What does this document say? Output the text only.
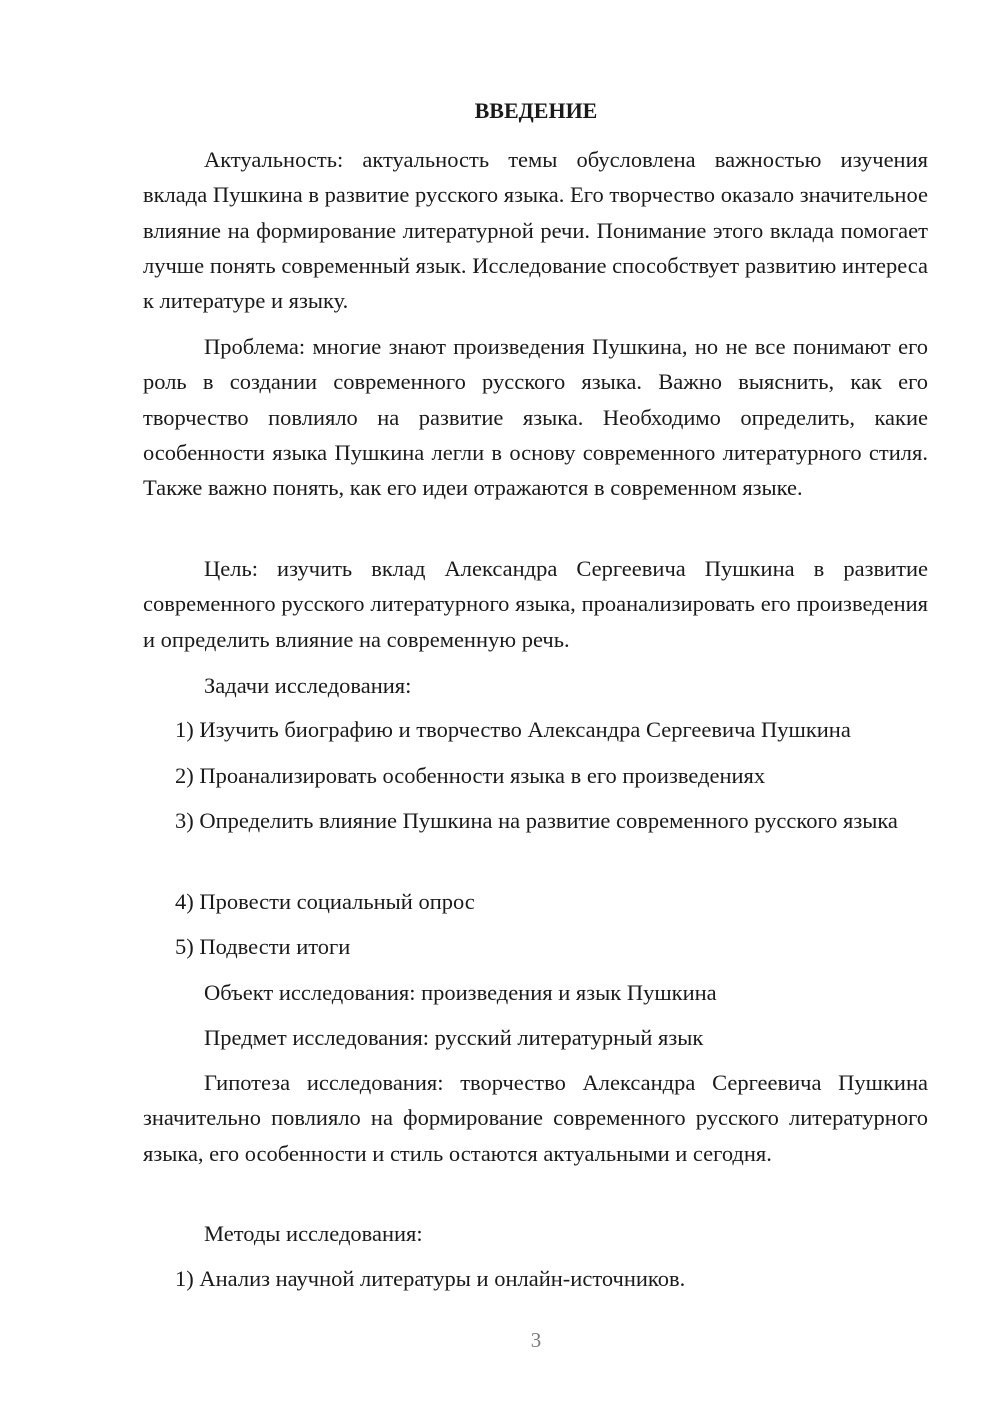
ВВЕДЕНИЕ

Актуальность: актуальность темы обусловлена важностью изучения вклада Пушкина в развитие русского языка. Его творчество оказало значительное влияние на формирование литературной речи. Понимание этого вклада помогает лучше понять современный язык. Исследование способствует развитию интереса к литературе и языку.

Проблема: многие знают произведения Пушкина, но не все понимают его роль в создании современного русского языка. Важно выяснить, как его творчество повлияло на развитие языка. Необходимо определить, какие особенности языка Пушкина легли в основу современного литературного стиля. Также важно понять, как его идеи отражаются в современном языке.

Цель: изучить вклад Александра Сергеевича Пушкина в развитие современного русского литературного языка, проанализировать его произведения и определить влияние на современную речь.

Задачи исследования:

1) Изучить биографию и творчество Александра Сергеевича Пушкина

2) Проанализировать особенности языка в его произведениях

3) Определить влияние Пушкина на развитие современного русского языка

4) Провести социальный опрос

5) Подвести итоги

Объект исследования: произведения и язык Пушкина

Предмет исследования: русский литературный язык

Гипотеза исследования: творчество Александра Сергеевича Пушкина значительно повлияло на формирование современного русского литературного языка, его особенности и стиль остаются актуальными и сегодня.

Методы исследования:

1) Анализ научной литературы и онлайн-источников.

3
